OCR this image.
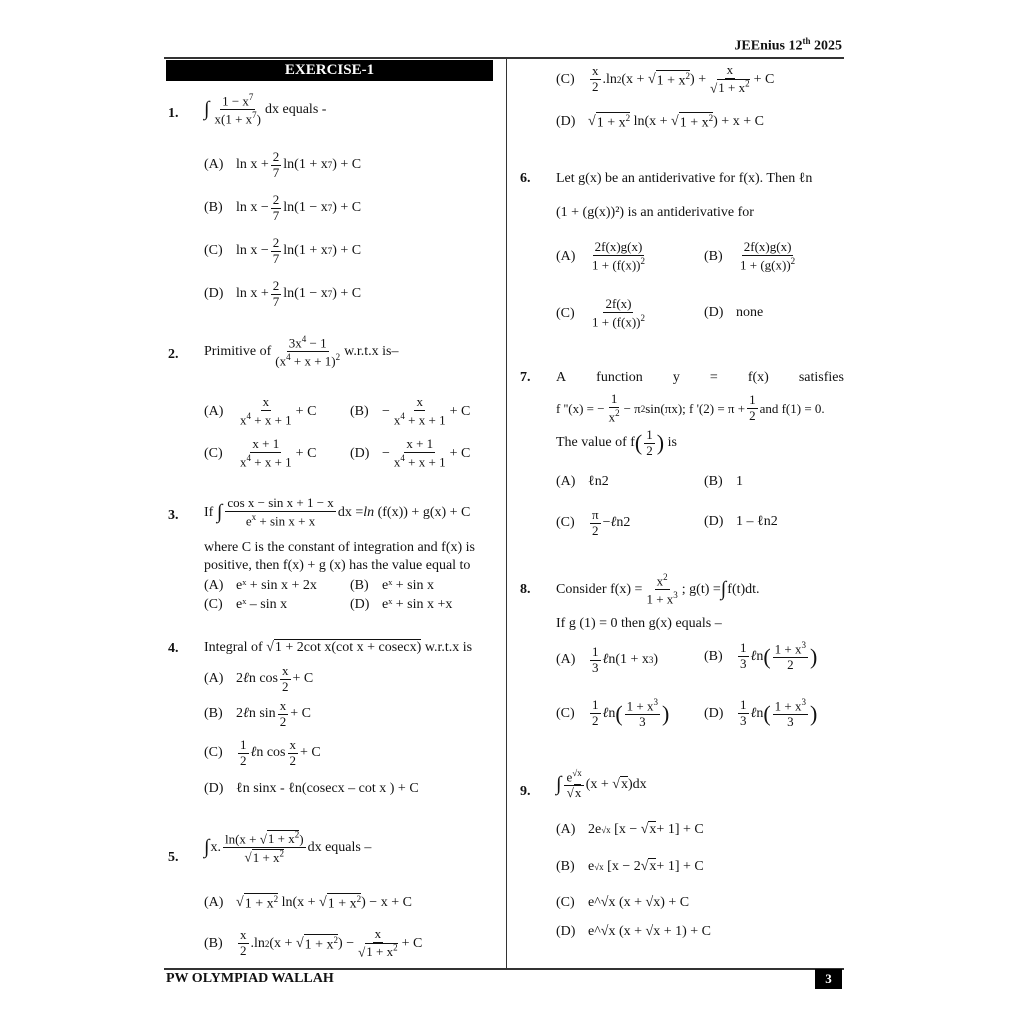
JEEnius 12th 2025
EXERCISE-1
PW OLYMPIAD WALLAH	3
1. ∫ $\frac{1 - x^7}{x(1 + x^7)}$ dx equals -
(A) $\ln x + \frac{2}{7} \ln(1 + x$ 7 ) + C
(B) $\ln x - \frac{2}{7} \ln(1 - x$ 7 ) + C
(C) $\ln x - \frac{2}{7} \ln(1 + x$ 7 ) + C
(D) $\ln x + \frac{2}{7} \ln(1 - x$ 7 ) + C
2. Primitive of $\frac{3x^4 - 1}{(x^4 + x + 1)^2} w.r.t.x$ is–
(A)	$\frac{x}{x^4 + x + 1} + C$ $(B) - \frac{x}{x^4 + x + 1} + C$
(C)	$\frac{x + 1}{x^4 + x + 1} + C$ $(D) - \frac{x + 1}{x^4 + x + 1} + C$
3. If
∫ $\frac{\text{cos x − sin x + 1 − x}}{e^x + \sin x + x}$ dx = ln (f(x)) + g(x) + C
where C is the constant of integration and f(x) is
positive, then f(x) + g (x) has the value equal to
(A) eˣ + sin x + 2x (B) eˣ + sin x
(C) eˣ – sin x	(D) eˣ + sin x +x
4. Integral of √ 1 + 2cot x(cot x + cosecx)
w.r.t.x is
(A) 2 ℓ n $\cos \frac{x}{2} + C$
(B) 2 ℓ n $\sin \frac{x}{2} + C$
(C)	$\frac{1}{2}$ ℓ n $\cos \frac{x}{2} + C$
(D) ℓn sinx - ℓn(cosecx – cot x ) + C
5. ∫ x. $\frac{\ln(x + √1 + x^2)}{√1 + x^2}$ dx equals –
(A) √ $1 + x^2$ ln(x + √ $1 + x^2$ ) − x + C
(B)	$\frac{x}{2} .\ln$ 2 (x + √ $1 + x^2$ ) − $\frac{x}{√1 + x^2} + C$
(C)	$\frac{x}{2} .\ln$ 2 (x + √ $1 + x^2$ ) + $\frac{x}{√1 + x^2} + C$
(D) √ $1 + x^2$ ln(x + √ $1 + x^2$ ) + x + C
6. Let g(x) be an antiderivative for f(x). Then ℓn
(1 + (g(x))²) is an antiderivative for
(A)	$\frac{2f(x)g(x)}{1 + (f(x))^2}$	(B)	$\frac{2f(x)g(x)}{1 + (g(x))^2}$
(C)	$\frac{2f(x)}{1 + (f(x))^2}$	(D) none
7. A function y = f(x) satisfies
f ''(x) = − $\frac{1}{x^2} - \pi$ 2 sin(πx); f '$(2) = \pi + \frac{1}{2}$ and f(1) = 0.
The value of f ( $\frac{1}{2}$ )
is
(A) ℓn2	(B) 1
(C)	$\frac{\pi}{2}$ − ℓ n2	(D) 1 – ℓn2
8. Consider $f(x) = \frac{x^2}{1 + x^3}$ ; g(t) = ∫ f(t)dt.
If g (1) = 0 then g(x) equals –
(A)	$\frac{1}{3}$ ℓ n(1 + x 3 )	(B)	$\frac{1}{3}$ ℓ n ( $\frac{1 + x^3}{2}$ )
(C)	$\frac{1}{2}$ ℓ n ( $\frac{1 + x^3}{3}$ ) (D)	$\frac{1}{3}$ ℓ n ( $\frac{1 + x^3}{3}$ )
9. ∫ $\frac{e^{√x}}{√x} (x$ + √ x )dx
(A) 2e √x [x − √ x + 1] + C
(B) e √x [x − 2√ x + 1] + C
(C) e^√x (x + √x) + C
(D) e^√x (x + √x + 1) + C
